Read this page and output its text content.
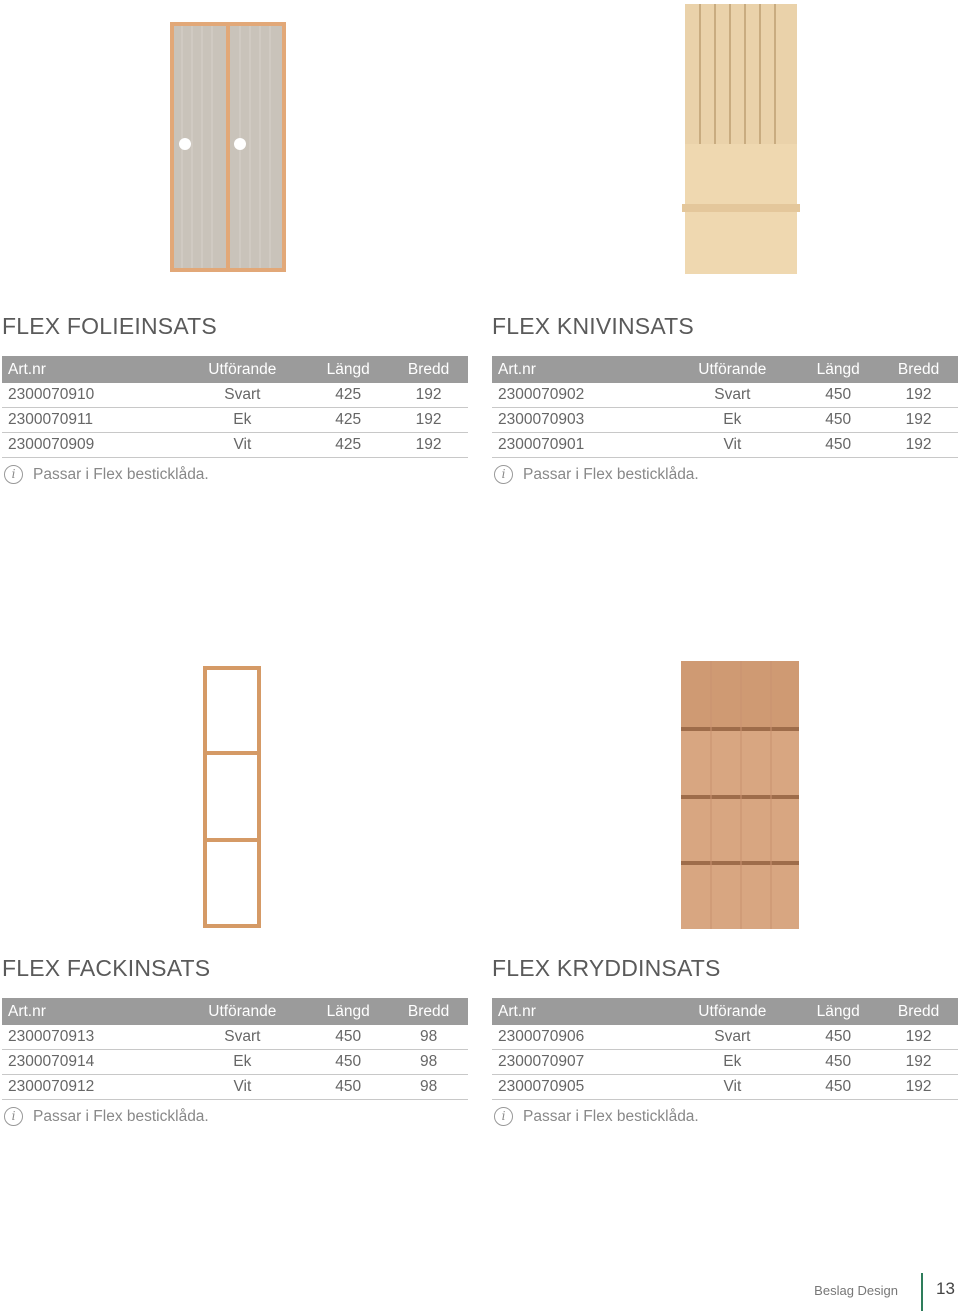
FLEX FOLIEINSATS
Art.nr	Utförande	Längd	Bredd
2300070910	Svart	425	192
2300070911	Ek	425	192
2300070909	Vit	425	192
i	Passar i Flex besticklåda.
FLEX KNIVINSATS
Art.nr	Utförande	Längd	Bredd
2300070902	Svart	450	192
2300070903	Ek	450	192
2300070901	Vit	450	192
i	Passar i Flex besticklåda.
FLEX FACKINSATS
Art.nr	Utförande	Längd	Bredd
2300070913	Svart	450	98
2300070914	Ek	450	98
2300070912	Vit	450	98
i	Passar i Flex besticklåda.
FLEX KRYDDINSATS
Art.nr	Utförande	Längd	Bredd
2300070906	Svart	450	192
2300070907	Ek	450	192
2300070905	Vit	450	192
i	Passar i Flex besticklåda.
Beslag Design 13
